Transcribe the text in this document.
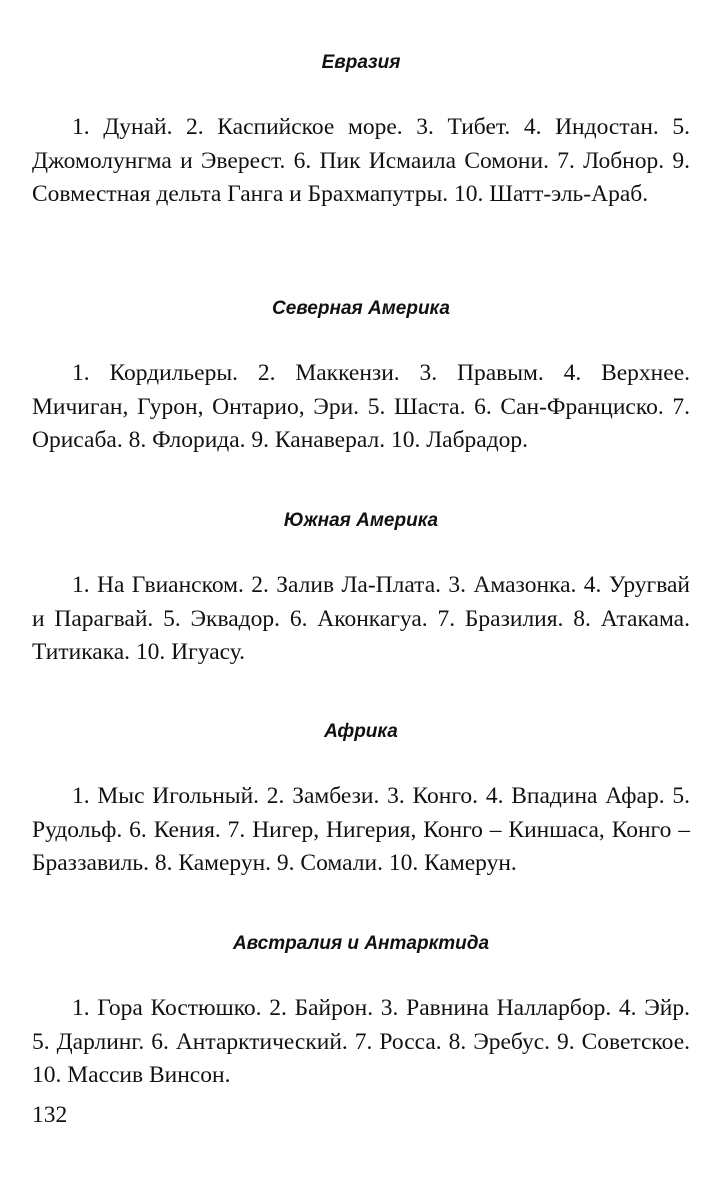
Евразия

1. Дунай. 2. Каспийское море. 3. Тибет. 4. Индостан. 5. Джомолунгма и Эверест. 6. Пик Исмаила Сомони. 7. Лобнор. 9. Совместная дельта Ганга и Брахмапутры. 10. Шатт-эль-Араб.

Северная Америка

1. Кордильеры. 2. Маккензи. 3. Правым. 4. Верхнее. Мичиган, Гурон, Онтарио, Эри. 5. Шаста. 6. Сан-Франциско. 7. Орисаба. 8. Флорида. 9. Канаверал. 10. Лабрадор.

Южная Америка

1. На Гвианском. 2. Залив Ла-Плата. 3. Амазонка. 4. Уругвай и Парагвай. 5. Эквадор. 6. Аконкагуа. 7. Бразилия. 8. Атакама. Титикака. 10. Игуасу.

Африка

1. Мыс Игольный. 2. Замбези. 3. Конго. 4. Впадина Афар. 5. Рудольф. 6. Кения. 7. Нигер, Нигерия, Конго – Киншаса, Конго – Браззавиль. 8. Камерун. 9. Сомали. 10. Камерун.

Австралия и Антарктида

1. Гора Костюшко. 2. Байрон. 3. Равнина Налларбор. 4. Эйр. 5. Дарлинг. 6. Антарктический. 7. Росса. 8. Эребус. 9. Советское. 10. Массив Винсон.

132
